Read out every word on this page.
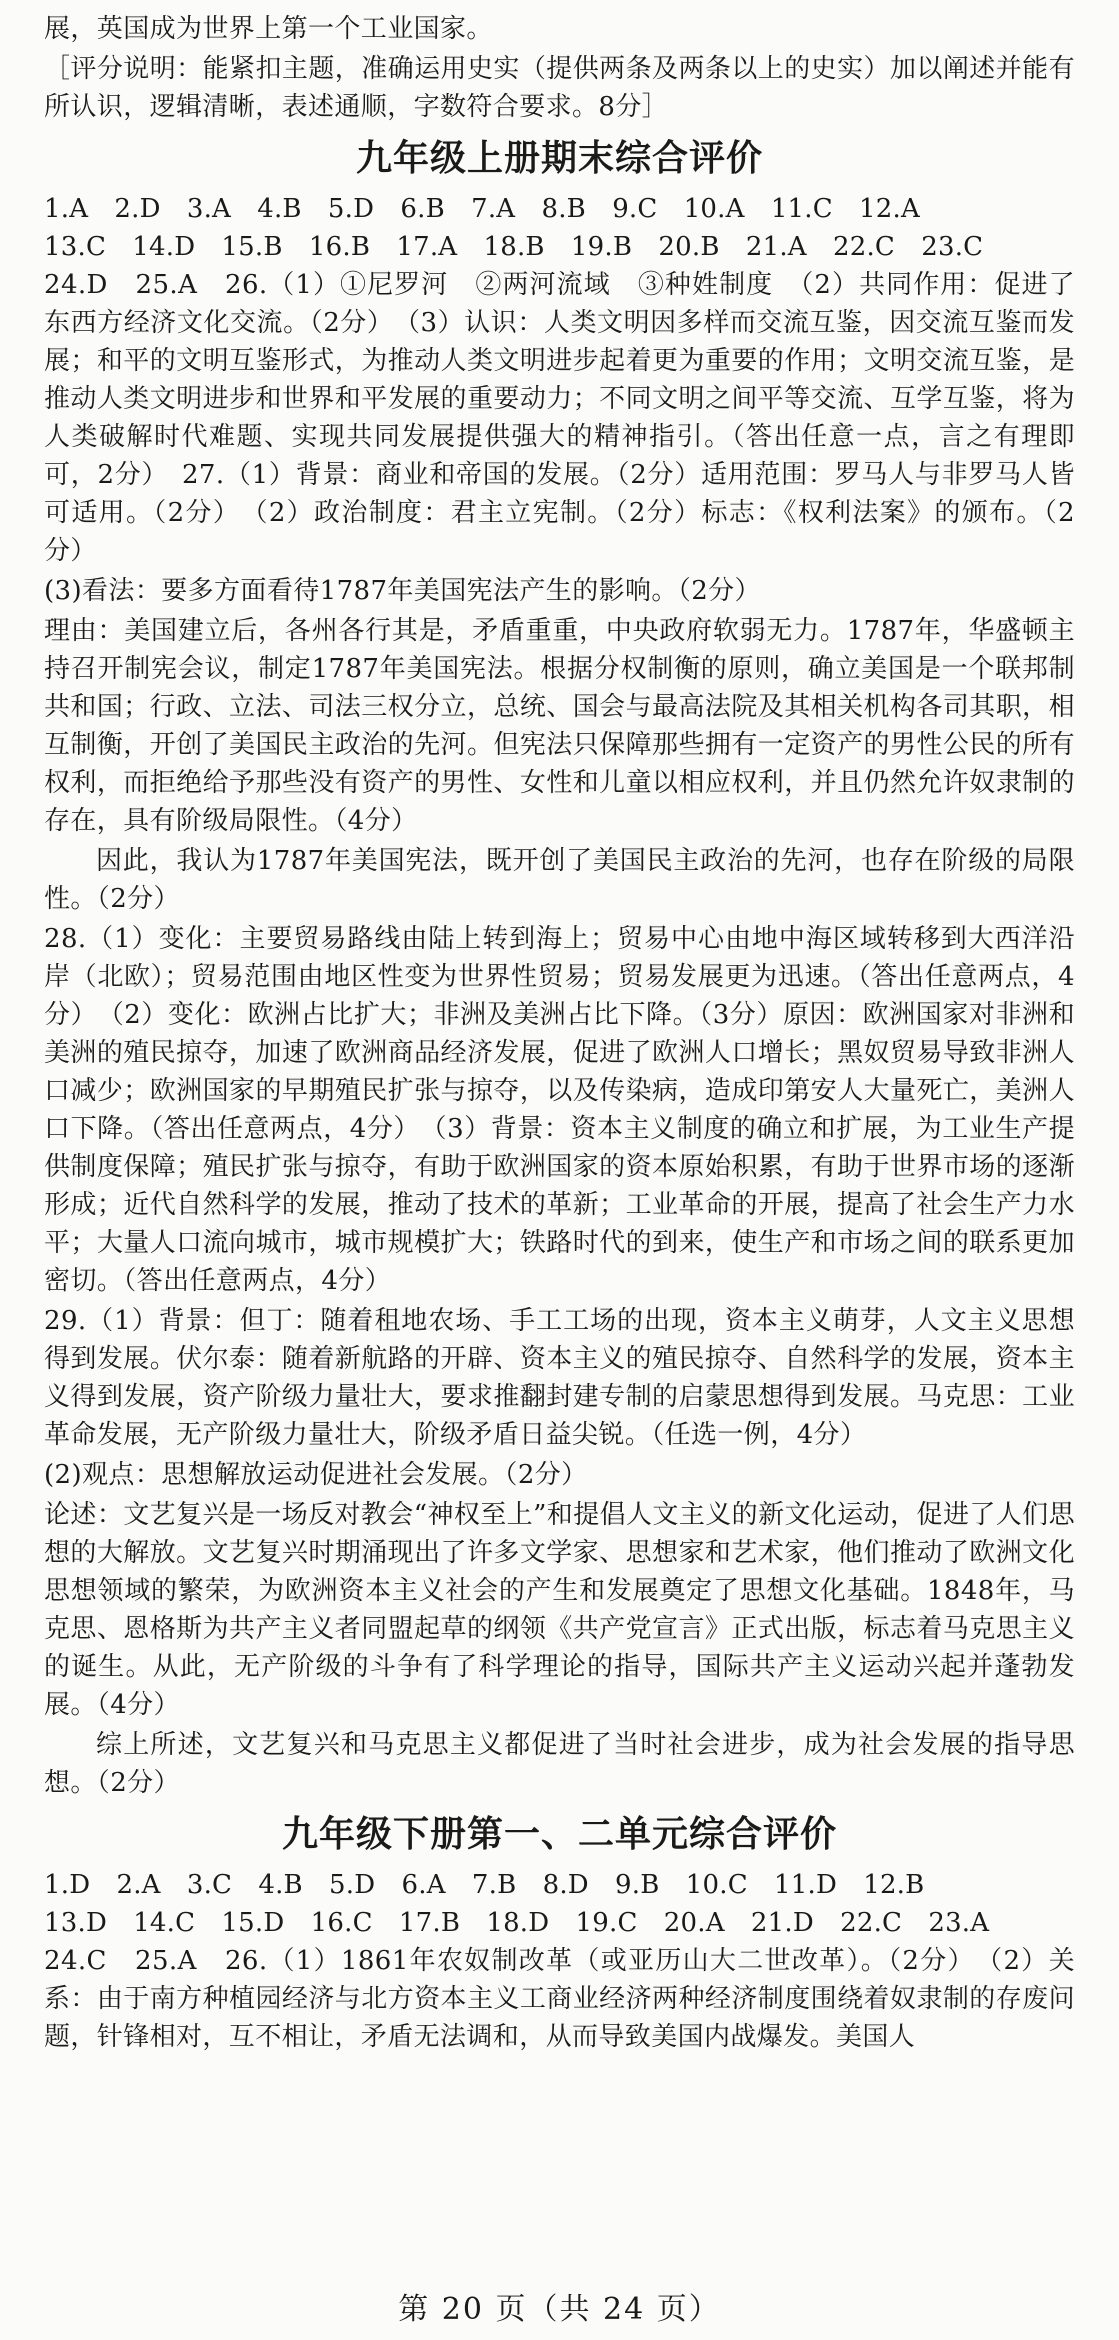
展，英国成为世界上第一个工业国家。

［评分说明：能紧扣主题，准确运用史实（提供两条及两条以上的史实）加以阐述并能有所认识，逻辑清晰，表述通顺，字数符合要求。8分］

九年级上册期末综合评价

1.A　2.D　3.A　4.B　5.D　6.B　7.A　8.B　9.C　10.A　11.C　12.A

13.C　14.D　15.B　16.B　17.A　18.B　19.B　20.B　21.A　22.C　23.C

24.D　25.A　26.（1）①尼罗河　②两河流域　③种姓制度　（2）共同作用：促进了东西方经济文化交流。（2分）　（3）认识：人类文明因多样而交流互鉴，因交流互鉴而发展；和平的文明互鉴形式，为推动人类文明进步起着更为重要的作用；文明交流互鉴，是推动人类文明进步和世界和平发展的重要动力；不同文明之间平等交流、互学互鉴，将为人类破解时代难题、实现共同发展提供强大的精神指引。（答出任意一点，言之有理即可，2分）　27.（1）背景：商业和帝国的发展。（2分）适用范围：罗马人与非罗马人皆可适用。（2分）　（2）政治制度：君主立宪制。（2分）标志：《权利法案》的颁布。（2分）

(3)看法：要多方面看待1787年美国宪法产生的影响。（2分）

理由：美国建立后，各州各行其是，矛盾重重，中央政府软弱无力。1787年，华盛顿主持召开制宪会议，制定1787年美国宪法。根据分权制衡的原则，确立美国是一个联邦制共和国；行政、立法、司法三权分立，总统、国会与最高法院及其相关机构各司其职，相互制衡，开创了美国民主政治的先河。但宪法只保障那些拥有一定资产的男性公民的所有权利，而拒绝给予那些没有资产的男性、女性和儿童以相应权利，并且仍然允许奴隶制的存在，具有阶级局限性。（4分）

因此，我认为1787年美国宪法，既开创了美国民主政治的先河，也存在阶级的局限性。（2分）

28.（1）变化：主要贸易路线由陆上转到海上；贸易中心由地中海区域转移到大西洋沿岸（北欧）；贸易范围由地区性变为世界性贸易；贸易发展更为迅速。（答出任意两点，4分）　（2）变化：欧洲占比扩大；非洲及美洲占比下降。（3分）原因：欧洲国家对非洲和美洲的殖民掠夺，加速了欧洲商品经济发展，促进了欧洲人口增长；黑奴贸易导致非洲人口减少；欧洲国家的早期殖民扩张与掠夺，以及传染病，造成印第安人大量死亡，美洲人口下降。（答出任意两点，4分）　（3）背景：资本主义制度的确立和扩展，为工业生产提供制度保障；殖民扩张与掠夺，有助于欧洲国家的资本原始积累，有助于世界市场的逐渐形成；近代自然科学的发展，推动了技术的革新；工业革命的开展，提高了社会生产力水平；大量人口流向城市，城市规模扩大；铁路时代的到来，使生产和市场之间的联系更加密切。（答出任意两点，4分）

29.（1）背景：但丁：随着租地农场、手工工场的出现，资本主义萌芽，人文主义思想得到发展。伏尔泰：随着新航路的开辟、资本主义的殖民掠夺、自然科学的发展，资本主义得到发展，资产阶级力量壮大，要求推翻封建专制的启蒙思想得到发展。马克思：工业革命发展，无产阶级力量壮大，阶级矛盾日益尖锐。（任选一例，4分）

(2)观点：思想解放运动促进社会发展。（2分）

论述：文艺复兴是一场反对教会“神权至上”和提倡人文主义的新文化运动，促进了人们思想的大解放。文艺复兴时期涌现出了许多文学家、思想家和艺术家，他们推动了欧洲文化思想领域的繁荣，为欧洲资本主义社会的产生和发展奠定了思想文化基础。1848年，马克思、恩格斯为共产主义者同盟起草的纲领《共产党宣言》正式出版，标志着马克思主义的诞生。从此，无产阶级的斗争有了科学理论的指导，国际共产主义运动兴起并蓬勃发展。（4分）

综上所述，文艺复兴和马克思主义都促进了当时社会进步，成为社会发展的指导思想。（2分）

九年级下册第一、二单元综合评价

1.D　2.A　3.C　4.B　5.D　6.A　7.B　8.D　9.B　10.C　11.D　12.B

13.D　14.C　15.D　16.C　17.B　18.D　19.C　20.A　21.D　22.C　23.A

24.C　25.A　26.（1）1861年农奴制改革（或亚历山大二世改革）。（2分）　（2）关系：由于南方种植园经济与北方资本主义工商业经济两种经济制度围绕着奴隶制的存废问题，针锋相对，互不相让，矛盾无法调和，从而导致美国内战爆发。美国人

第 20 页（共 24 页）
